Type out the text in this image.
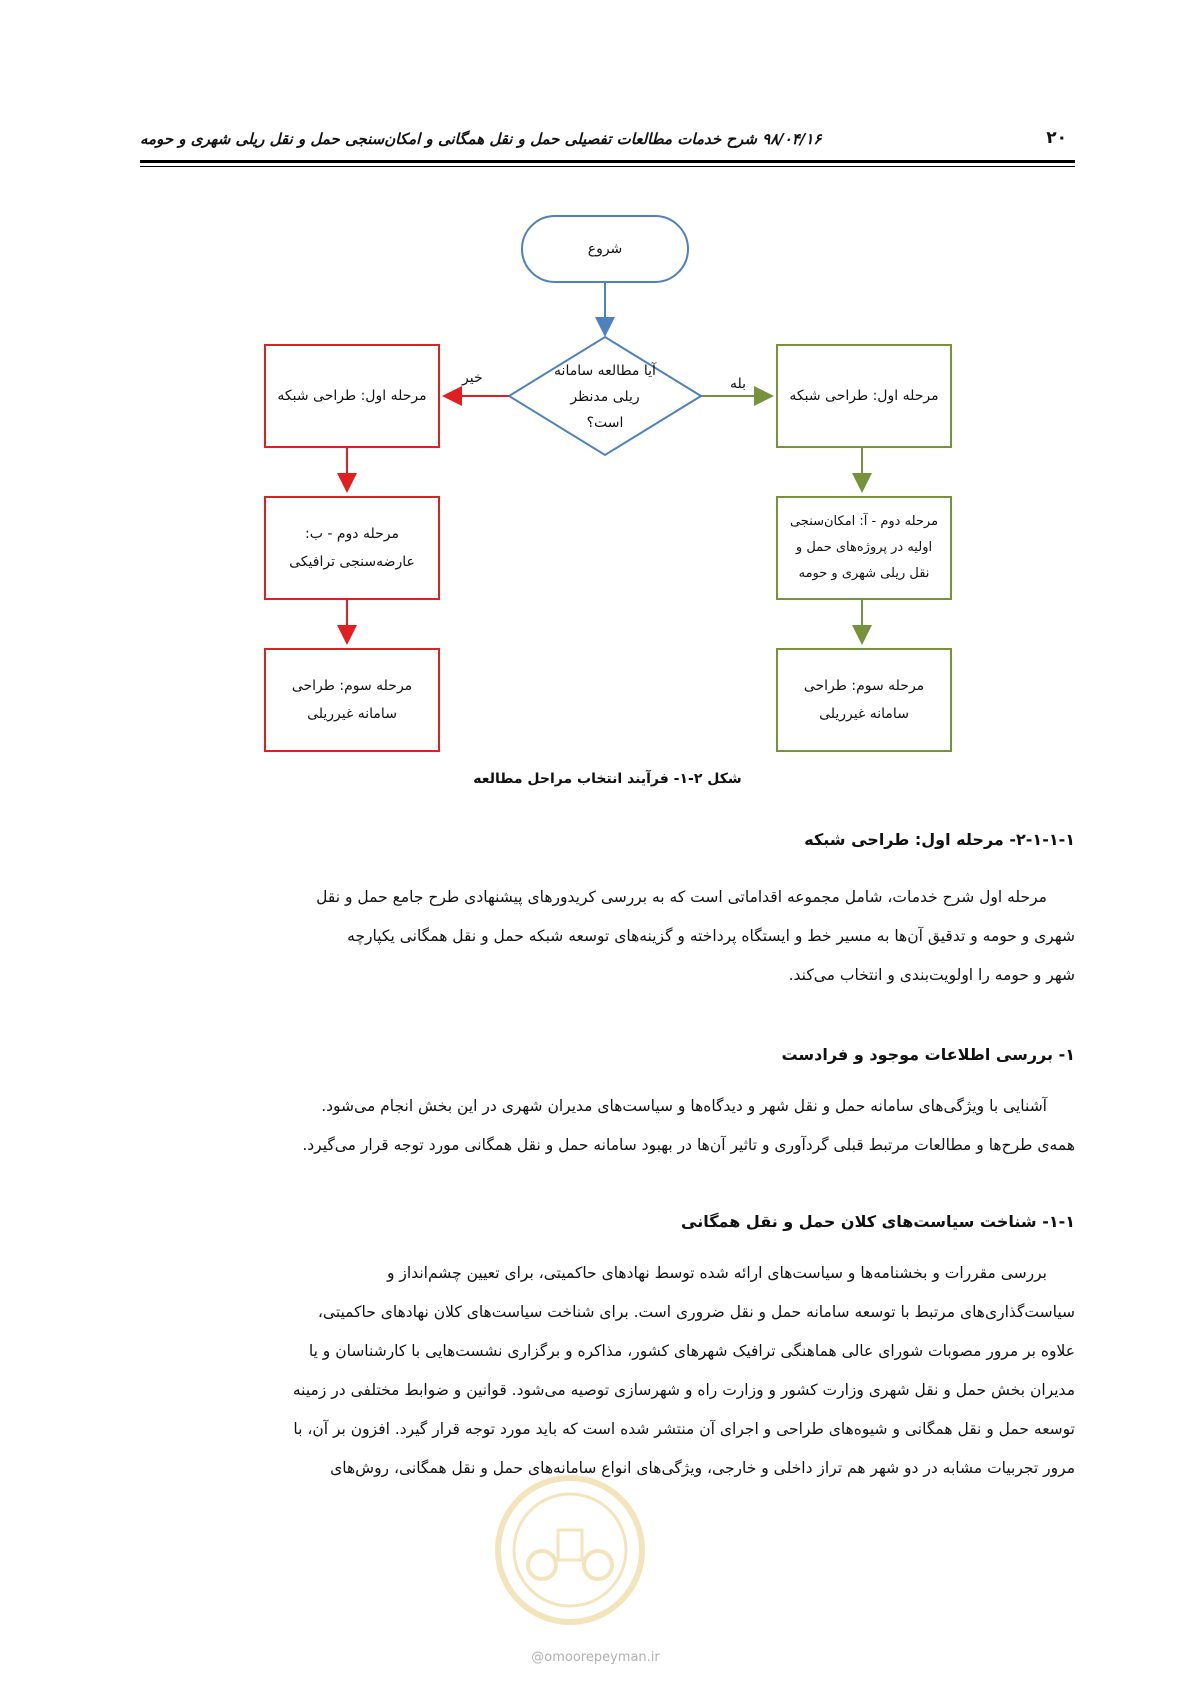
۲۰
۹۸/۰۴/۱۶ شرح خدمات مطالعات تفصیلی حمل و نقل همگانی و امکان‌سنجی حمل و نقل ریلی شهری و حومه
شروع
آیا مطالعه سامانه
ریلی مدنظر
است؟
خیر	بله
مرحله اول: طراحی شبکه
مرحله دوم - ب:
عارضه‌سنجی ترافیکی
مرحله سوم: طراحی
سامانه غیرریلی
مرحله اول: طراحی شبکه
مرحله دوم - آ: امکان‌سنجی
اولیه در پروژه‌های حمل و
نقل ریلی شهری و حومه
مرحله سوم: طراحی
سامانه غیرریلی
شکل ۲-۱- فرآیند انتخاب مراحل مطالعه
۲-۱-۱-۱- مرحله اول: طراحی شبکه
مرحله اول شرح خدمات، شامل مجموعه اقداماتی است که به بررسی کریدورهای پیشنهادی طرح جامع حمل و نقل
شهری و حومه و تدقیق آن‌ها به مسیر خط و ایستگاه پرداخته و گزینه‌های توسعه شبکه حمل و نقل همگانی یکپارچه
شهر و حومه را اولویت‌بندی و انتخاب می‌کند.
۱- بررسی اطلاعات موجود و فرادست
آشنایی با ویژگی‌های سامانه حمل و نقل شهر و دیدگاه‌ها و سیاست‌های مدیران شهری در این بخش انجام می‌شود.
همه‌ی طرح‌ها و مطالعات مرتبط قبلی گردآوری و تاثیر آن‌ها در بهبود سامانه حمل و نقل همگانی مورد توجه قرار می‌گیرد.
۱-۱- شناخت سیاست‌های کلان حمل و نقل همگانی
بررسی مقررات و بخشنامه‌ها و سیاست‌های ارائه شده توسط نهادهای حاکمیتی، برای تعیین چشم‌انداز و
سیاست‌گذاری‌های مرتبط با توسعه سامانه حمل و نقل ضروری است. برای شناخت سیاست‌های کلان نهادهای حاکمیتی،
علاوه بر مرور مصوبات شورای عالی هماهنگی ترافیک شهرهای کشور، مذاکره و برگزاری نشست‌هایی با کارشناسان و یا
مدیران بخش حمل و نقل شهری وزارت کشور و وزارت راه و شهرسازی توصیه می‌شود. قوانین و ضوابط مختلفی در زمینه
توسعه حمل و نقل همگانی و شیوه‌های طراحی و اجرای آن منتشر شده است که باید مورد توجه قرار گیرد. افزون بر آن، با
مرور تجربیات مشابه در دو شهر هم تراز داخلی و خارجی، ویژگی‌های انواع سامانه‌های حمل و نقل همگانی، روش‌های
@omoorepeyman.ir
